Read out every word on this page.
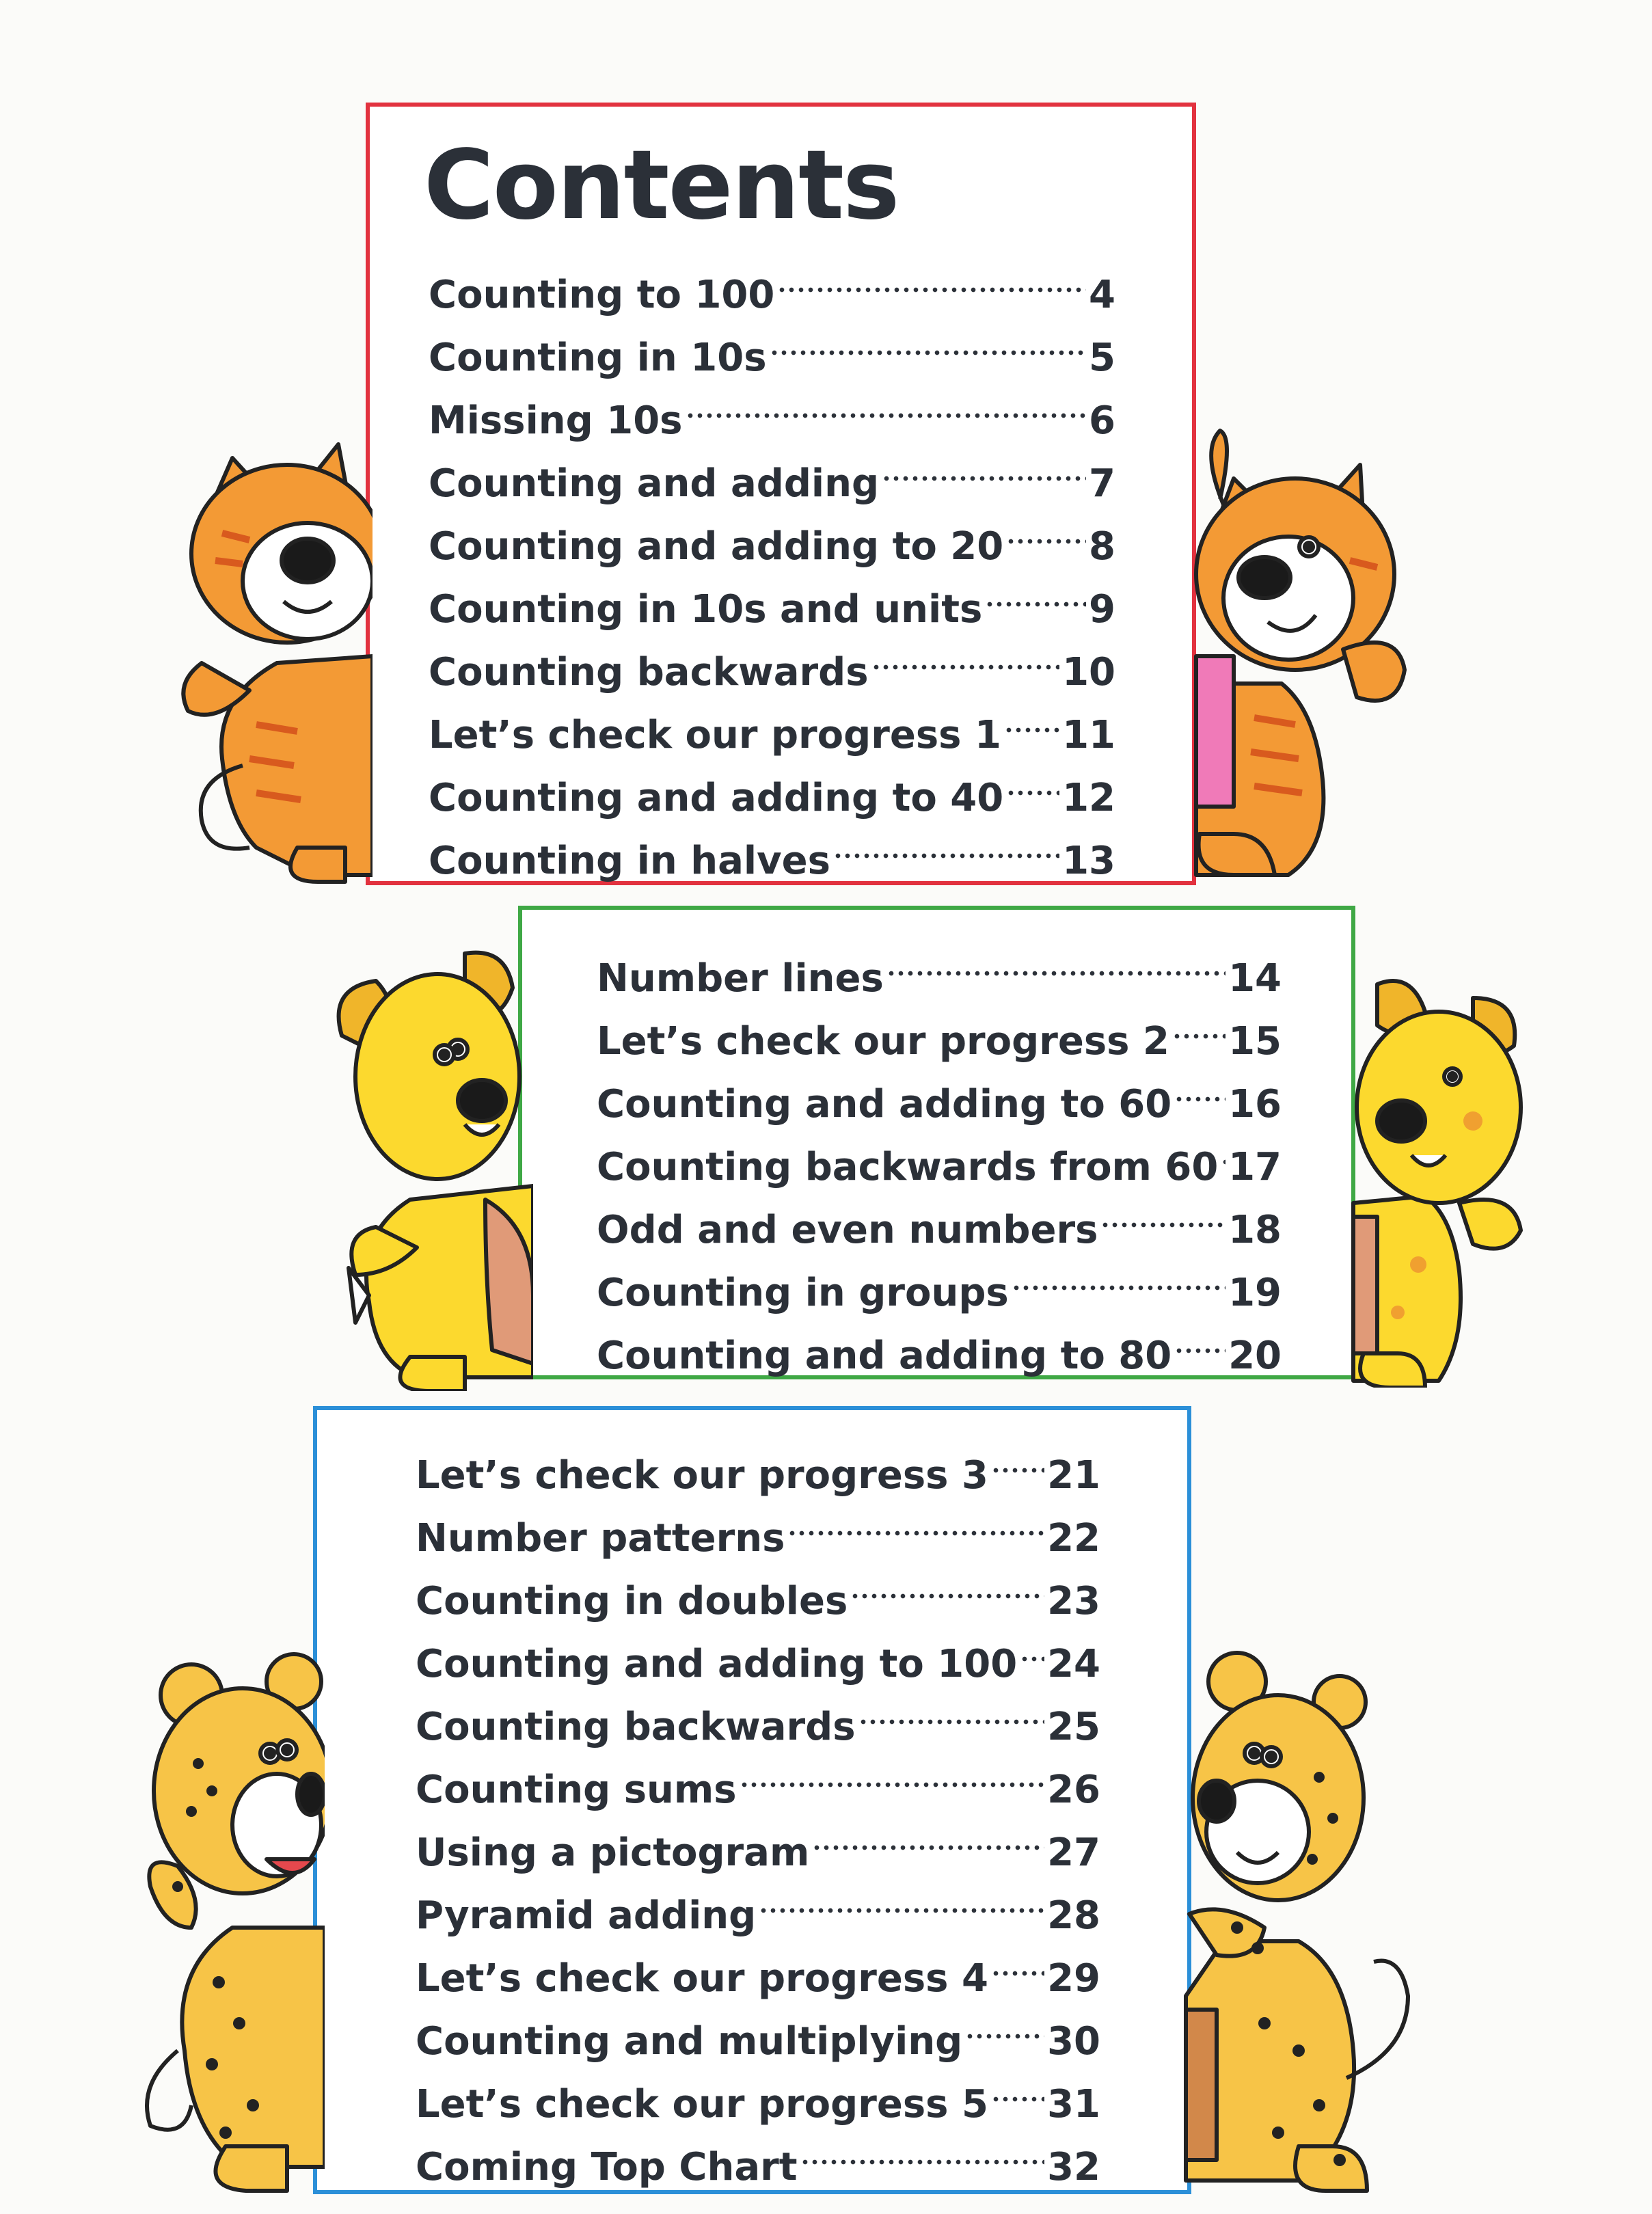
Contents
Counting to 100	4
Counting in 10s	5
Missing 10s	6
Counting and adding	7
Counting and adding to 20 8
Counting in 10s and units	9
Counting backwards	10
Let’s check our progress 1 11
Counting and adding to 40 12
Counting in halves	13
Number lines	14
Let’s check our progress 2 15
Counting and adding to 60 16
Counting backwards from 60 17
Odd and even numbers	18
Counting in groups	19
Counting and adding to 80 20
Let’s check our progress 3 21
Number patterns	22
Counting in doubles	23
Counting and adding to 100 24
Counting backwards	25
Counting sums	26
Using a pictogram	27
Pyramid adding	28
Let’s check our progress 4 29
Counting and multiplying 30
Let’s check our progress 5 31
Coming Top Chart	32
